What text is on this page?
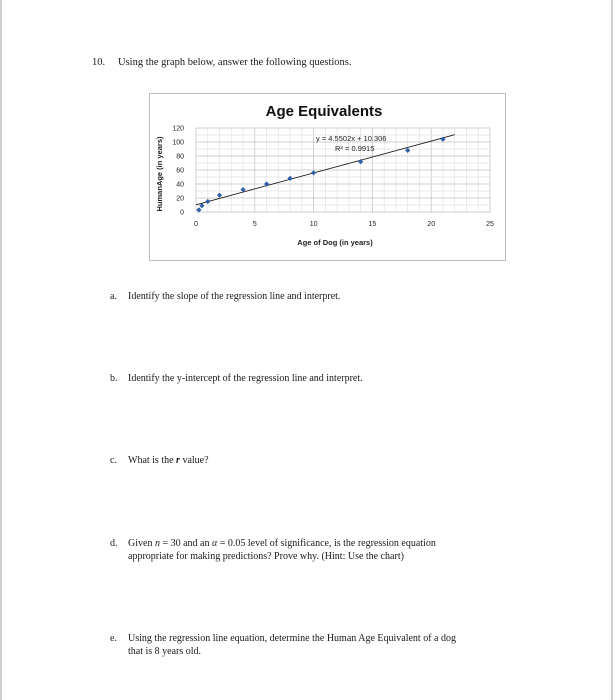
10. Using the graph below, answer the following questions.
Age Equivalents
HumanAge (in years)
Age of Dog (in years)
0	5	10	15	20	25
0
20
40
60
80
100
120
y = 4.5502x + 10.306
R² = 0.9915
a. Identify the slope of the regression line and interpret.
b. Identify the y-intercept of the regression line and interpret.
c. What is the r value?
d. Given n = 30 and an α = 0.05 level of significance, is the regression equation
appropriate for making predictions? Prove why. (Hint: Use the chart)
e. Using the regression line equation, determine the Human Age Equivalent of a dog
that is 8 years old.
